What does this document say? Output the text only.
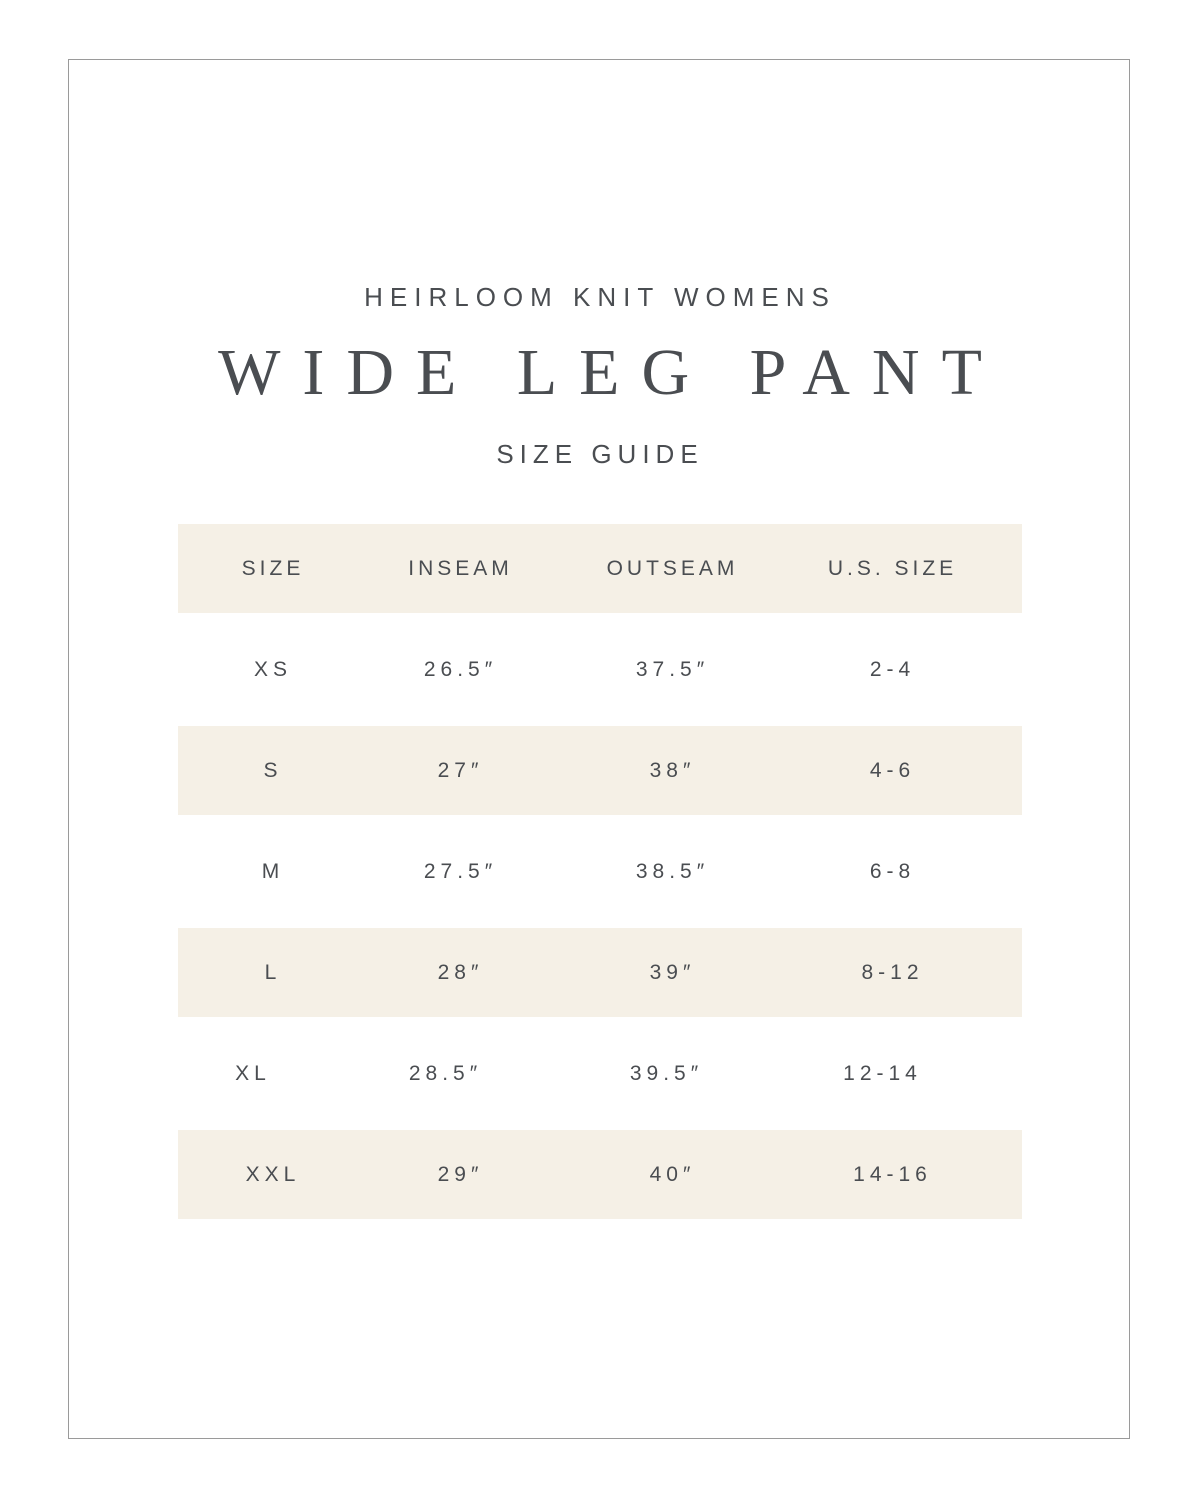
HEIRLOOM KNIT WOMENS
WIDE LEG PANT
SIZE GUIDE
SIZE	INSEAM	OUTSEAM	U.S. SIZE
XS	26.5″	37.5″	2-4
S	27″	38″	4-6
M	27.5″	38.5″	6-8
L	28″	39″	8-12
XL	28.5″	39.5″	12-14
XXL	29″	40″	14-16
